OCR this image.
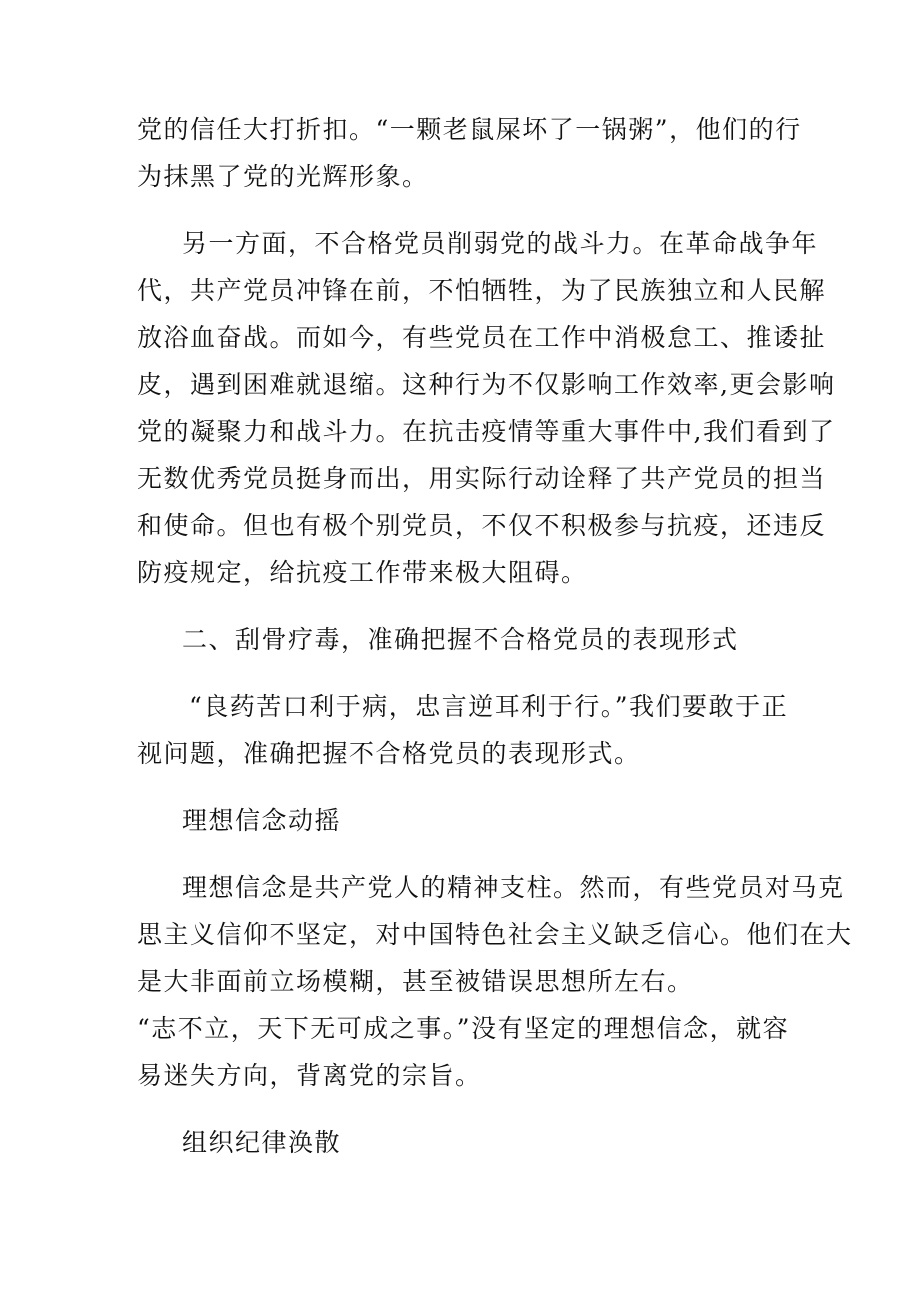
党的信任大打折扣。“一颗老鼠屎坏了一锅粥”，他们的行
为抹黑了党的光辉形象。
另一方面，不合格党员削弱党的战斗力。在革命战争年
代，共产党员冲锋在前，不怕牺牲，为了民族独立和人民解
放浴血奋战。而如今，有些党员在工作中消极怠工、推诿扯
皮，遇到困难就退缩。这种行为不仅影响工作效率,更会影响
党的凝聚力和战斗力。在抗击疫情等重大事件中,我们看到了
无数优秀党员挺身而出，用实际行动诠释了共产党员的担当
和使命。但也有极个别党员，不仅不积极参与抗疫，还违反
防疫规定，给抗疫工作带来极大阻碍。
二、刮骨疗毒，准确把握不合格党员的表现形式
“良药苦口利于病，忠言逆耳利于行。”我们要敢于正
视问题，准确把握不合格党员的表现形式。
理想信念动摇
理想信念是共产党人的精神支柱。然而，有些党员对马克
思主义信仰不坚定，对中国特色社会主义缺乏信心。他们在大
是大非面前立场模糊，甚至被错误思想所左右。
“志不立，天下无可成之事。”没有坚定的理想信念，就容
易迷失方向，背离党的宗旨。
组织纪律涣散
